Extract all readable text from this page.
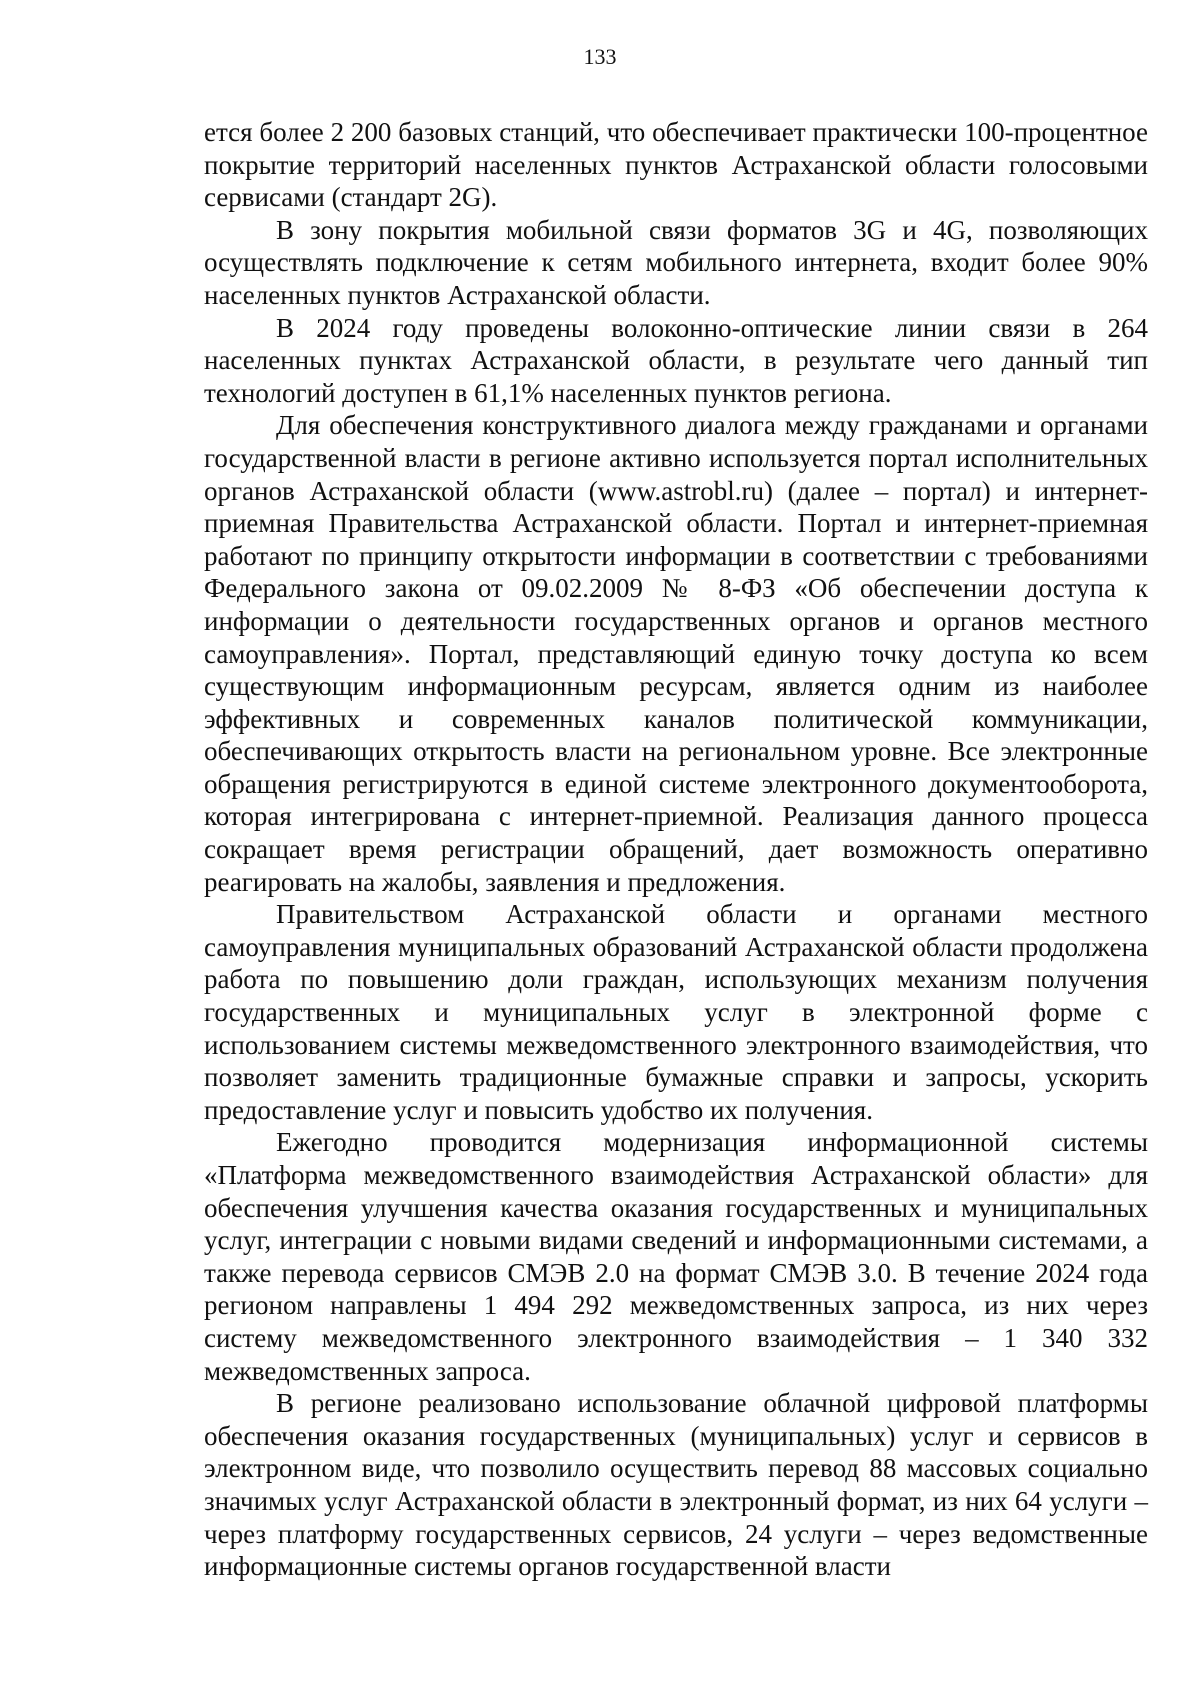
133

ется более 2 200 базовых станций, что обеспечивает практически 100-процентное покрытие территорий населенных пунктов Астраханской области голосовыми сервисами (стандарт 2G).

В зону покрытия мобильной связи форматов 3G и 4G, позволяющих осуществлять подключение к сетям мобильного интернета, входит более 90% населенных пунктов Астраханской области.

В 2024 году проведены волоконно-оптические линии связи в 264 населенных пунктах Астраханской области, в результате чего данный тип технологий доступен в 61,1% населенных пунктов региона.

Для обеспечения конструктивного диалога между гражданами и органами государственной власти в регионе активно используется портал исполнительных органов Астраханской области (www.astrobl.ru) (далее – портал) и интернет-приемная Правительства Астраханской области. Портал и интернет-приемная работают по принципу открытости информации в соответствии с требованиями Федерального закона от 09.02.2009 № 8-ФЗ «Об обеспечении доступа к информации о деятельности государственных органов и органов местного самоуправления». Портал, представляющий единую точку доступа ко всем существующим информационным ресурсам, является одним из наиболее эффективных и современных каналов политической коммуникации, обеспечивающих открытость власти на региональном уровне. Все электронные обращения регистрируются в единой системе электронного документооборота, которая интегрирована с интернет-приемной. Реализация данного процесса сокращает время регистрации обращений, дает возможность оперативно реагировать на жалобы, заявления и предложения.

Правительством Астраханской области и органами местного самоуправления муниципальных образований Астраханской области продолжена работа по повышению доли граждан, использующих механизм получения государственных и муниципальных услуг в электронной форме с использованием системы межведомственного электронного взаимодействия, что позволяет заменить традиционные бумажные справки и запросы, ускорить предоставление услуг и повысить удобство их получения.

Ежегодно проводится модернизация информационной системы «Платформа межведомственного взаимодействия Астраханской области» для обеспечения улучшения качества оказания государственных и муниципальных услуг, интеграции с новыми видами сведений и информационными системами, а также перевода сервисов СМЭВ 2.0 на формат СМЭВ 3.0. В течение 2024 года регионом направлены 1 494 292 межведомственных запроса, из них через систему межведомственного электронного взаимодействия – 1 340 332 межведомственных запроса.

В регионе реализовано использование облачной цифровой платформы обеспечения оказания государственных (муниципальных) услуг и сервисов в электронном виде, что позволило осуществить перевод 88 массовых социально значимых услуг Астраханской области в электронный формат, из них 64 услуги – через платформу государственных сервисов, 24 услуги – через ведомственные информационные системы органов государственной власти
